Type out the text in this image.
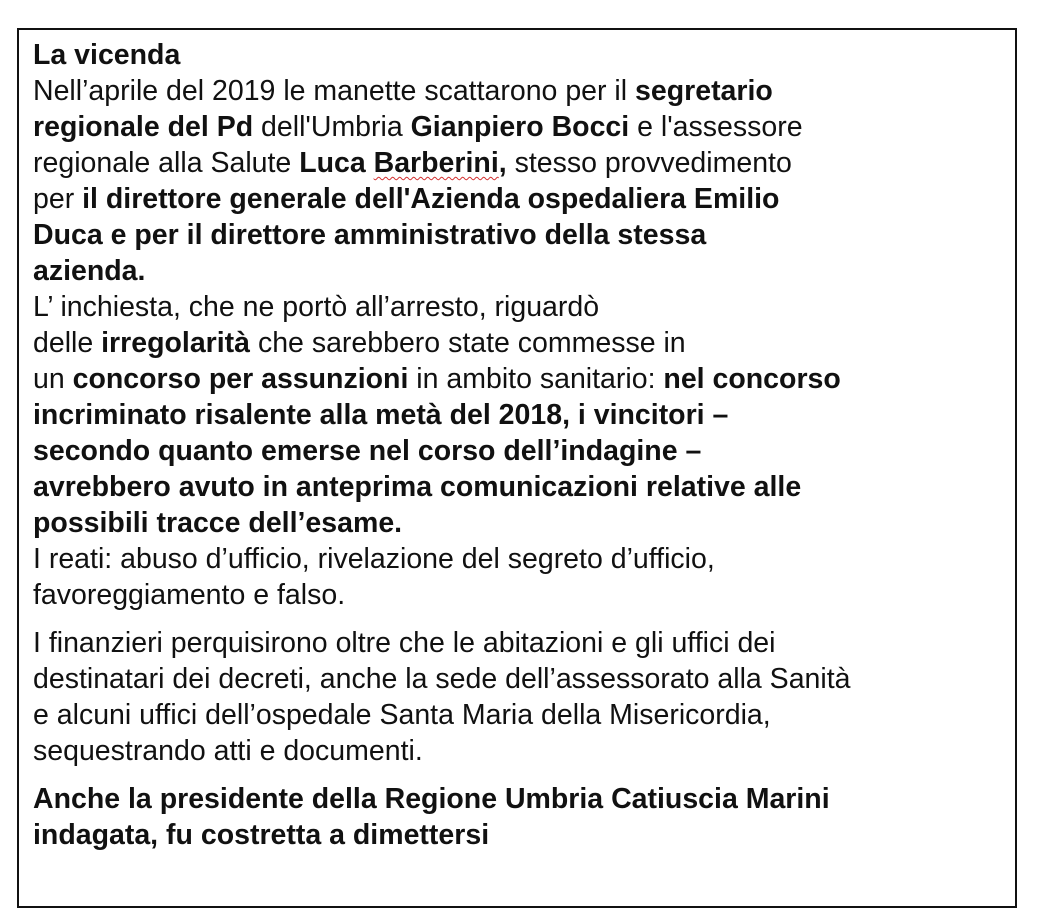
La vicenda
Nell’aprile del 2019 le manette scattarono per il segretario
regionale del Pd dell'Umbria Gianpiero Bocci e l'assessore
regionale alla Salute Luca Barberini, stesso provvedimento
per il direttore generale dell'Azienda ospedaliera Emilio
Duca e per il direttore amministrativo della stessa
azienda.
L’ inchiesta, che ne portò all’arresto, riguardò
delle irregolarità che sarebbero state commesse in
un concorso per assunzioni in ambito sanitario: nel concorso
incriminato risalente alla metà del 2018, i vincitori –
secondo quanto emerse nel corso dell’indagine –
avrebbero avuto in anteprima comunicazioni relative alle
possibili tracce dell’esame.
I reati: abuso d’ufficio, rivelazione del segreto d’ufficio,
favoreggiamento e falso.
I finanzieri perquisirono oltre che le abitazioni e gli uffici dei
destinatari dei decreti, anche la sede dell’assessorato alla Sanità
e alcuni uffici dell’ospedale Santa Maria della Misericordia,
sequestrando atti e documenti.
Anche la presidente della Regione Umbria Catiuscia Marini
indagata, fu costretta a dimettersi
